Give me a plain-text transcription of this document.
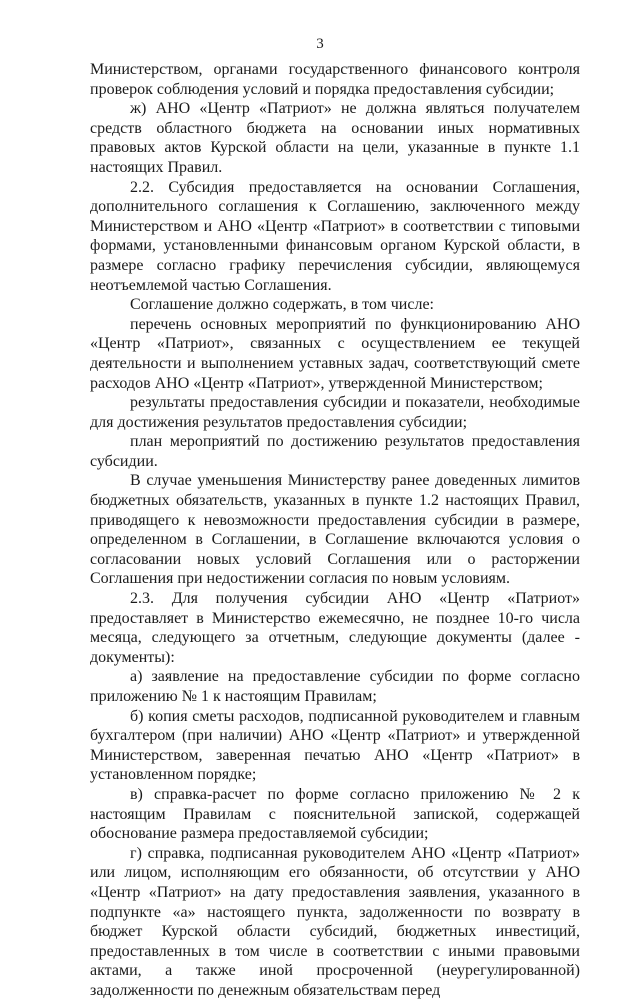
3

Министерством, органами государственного финансового контроля проверок соблюдения условий и порядка предоставления субсидии;

ж) АНО «Центр «Патриот» не должна являться получателем средств областного бюджета на основании иных нормативных правовых актов Курской области на цели, указанные в пункте 1.1 настоящих Правил.

2.2. Субсидия предоставляется на основании Соглашения, дополнительного соглашения к Соглашению, заключенного между Министерством и АНО «Центр «Патриот» в соответствии с типовыми формами, установленными финансовым органом Курской области, в размере согласно графику перечисления субсидии, являющемуся неотъемлемой частью Соглашения.

Соглашение должно содержать, в том числе:

перечень основных мероприятий по функционированию АНО «Центр «Патриот», связанных с осуществлением ее текущей деятельности и выполнением уставных задач, соответствующий смете расходов АНО «Центр «Патриот», утвержденной Министерством;

результаты предоставления субсидии и показатели, необходимые для достижения результатов предоставления субсидии;

план мероприятий по достижению результатов предоставления субсидии.

В случае уменьшения Министерству ранее доведенных лимитов бюджетных обязательств, указанных в пункте 1.2 настоящих Правил, приводящего к невозможности предоставления субсидии в размере, определенном в Соглашении, в Соглашение включаются условия о согласовании новых условий Соглашения или о расторжении Соглашения при недостижении согласия по новым условиям.

2.3. Для получения субсидии АНО «Центр «Патриот» предоставляет в Министерство ежемесячно, не позднее 10-го числа месяца, следующего за отчетным, следующие документы (далее - документы):

а) заявление на предоставление субсидии по форме согласно приложению № 1 к настоящим Правилам;

б) копия сметы расходов, подписанной руководителем и главным бухгалтером (при наличии) АНО «Центр «Патриот» и утвержденной Министерством, заверенная печатью АНО «Центр «Патриот» в установленном порядке;

в) справка-расчет по форме согласно приложению № 2 к настоящим Правилам с пояснительной запиской, содержащей обоснование размера предоставляемой субсидии;

г) справка, подписанная руководителем АНО «Центр «Патриот» или лицом, исполняющим его обязанности, об отсутствии у АНО «Центр «Патриот» на дату предоставления заявления, указанного в подпункте «а» настоящего пункта, задолженности по возврату в бюджет Курской области субсидий, бюджетных инвестиций, предоставленных в том числе в соответствии с иными правовыми актами, а также иной просроченной (неурегулированной) задолженности по денежным обязательствам перед
